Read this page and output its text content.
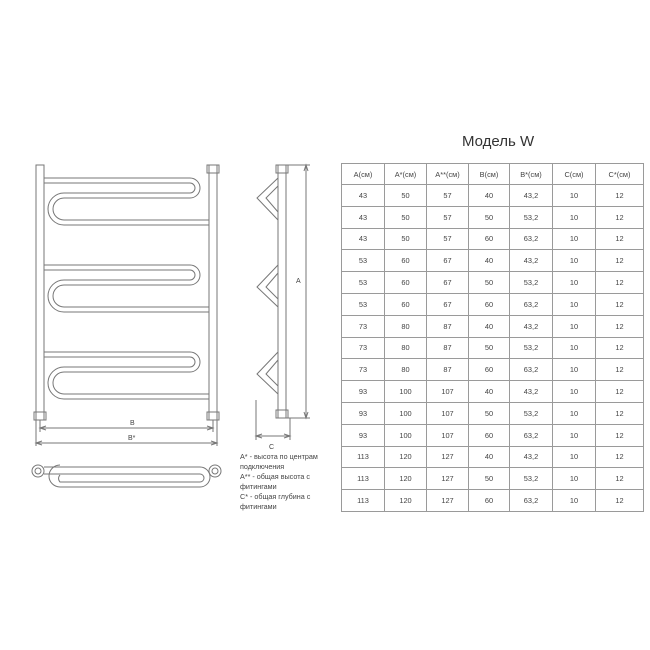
B
B*
A
C
Модель W
A* - высота по центрам подключения
A** - общая высота с фитингами
C* - общая глубина с фитингами
A(см)	A*(см)	A**(см)	B(см)	B*(см)	C(см)	C*(см)
43	50	57	40	43,2	10	12
43	50	57	50	53,2	10	12
43	50	57	60	63,2	10	12
53	60	67	40	43,2	10	12
53	60	67	50	53,2	10	12
53	60	67	60	63,2	10	12
73	80	87	40	43,2	10	12
73	80	87	50	53,2	10	12
73	80	87	60	63,2	10	12
93	100	107	40	43,2	10	12
93	100	107	50	53,2	10	12
93	100	107	60	63,2	10	12
113	120	127	40	43,2	10	12
113	120	127	50	53,2	10	12
113	120	127	60	63,2	10	12
